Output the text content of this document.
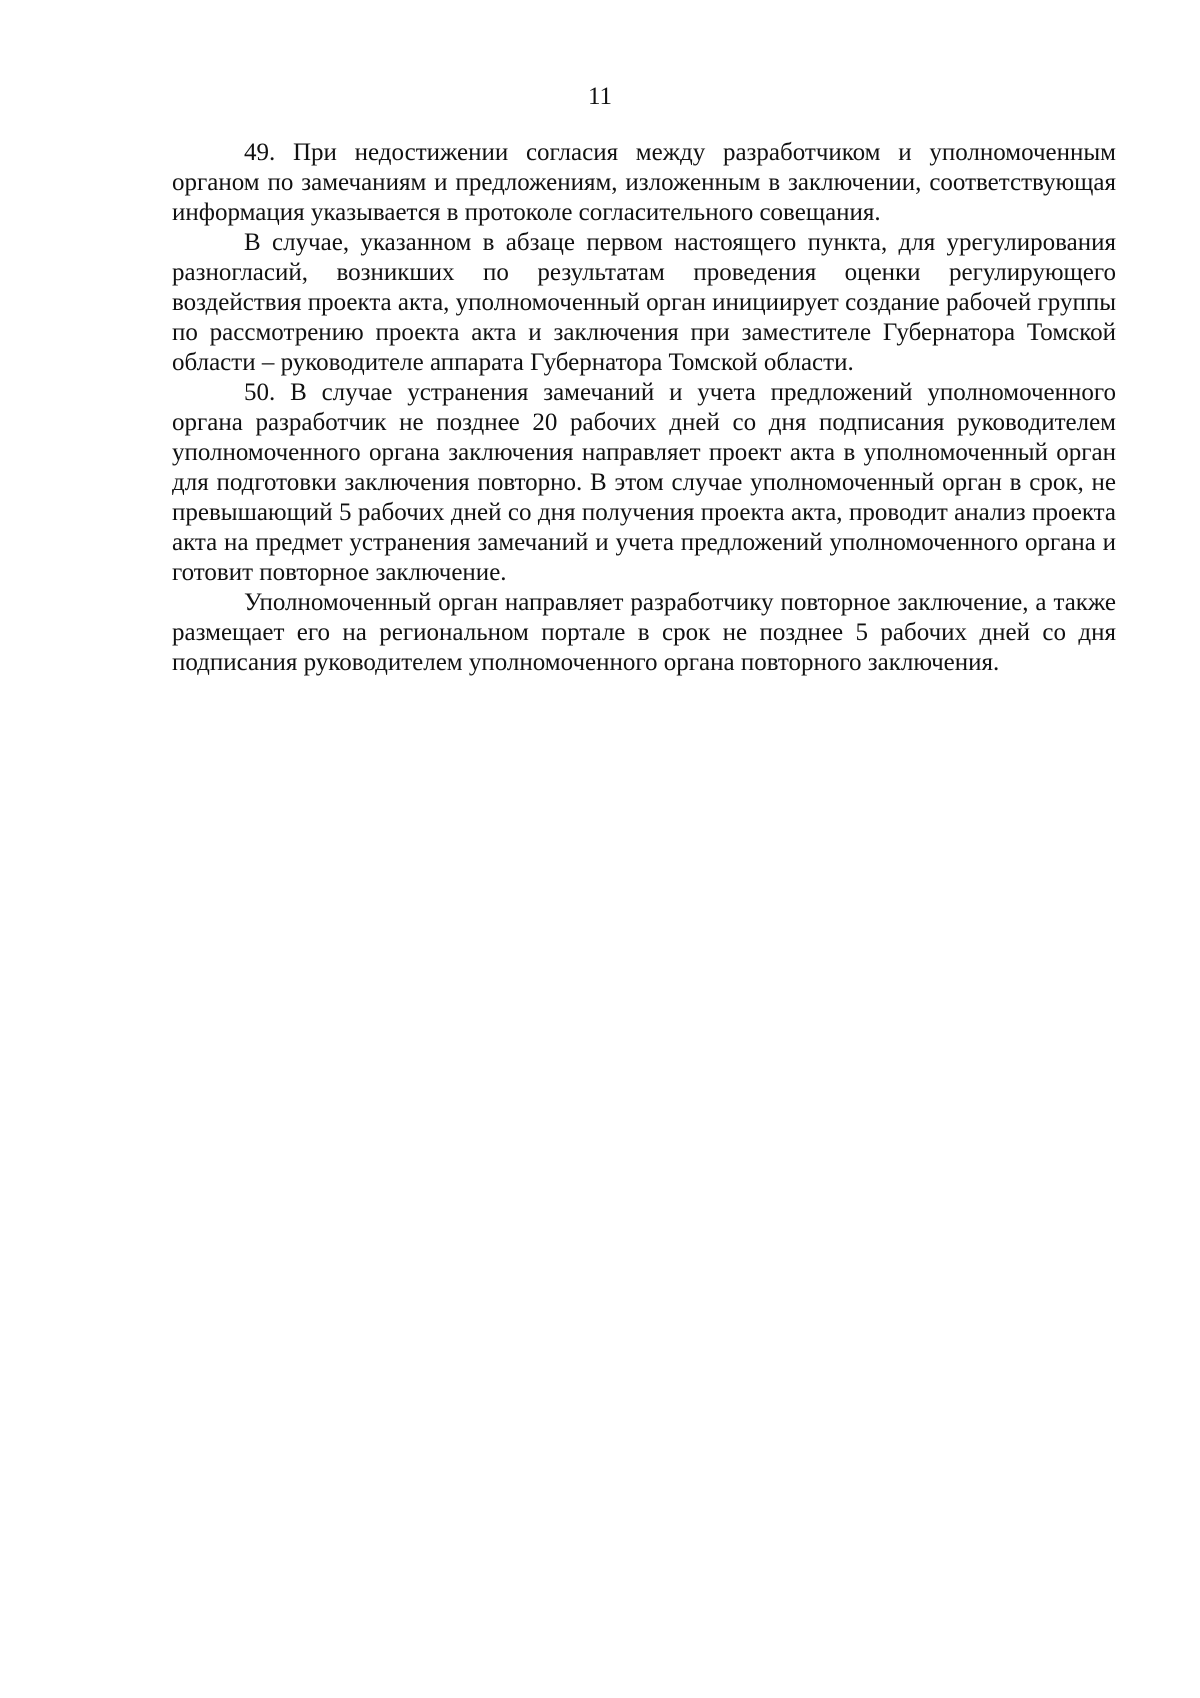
11

49. При недостижении согласия между разработчиком и уполномоченным органом по замечаниям и предложениям, изложенным в заключении, соответствующая информация указывается в протоколе согласительного совещания.

В случае, указанном в абзаце первом настоящего пункта, для урегулирования разногласий, возникших по результатам проведения оценки регулирующего воздействия проекта акта, уполномоченный орган инициирует создание рабочей группы по рассмотрению проекта акта и заключения при заместителе Губернатора Томской области – руководителе аппарата Губернатора Томской области.

50. В случае устранения замечаний и учета предложений уполномоченного органа разработчик не позднее 20 рабочих дней со дня подписания руководителем уполномоченного органа заключения направляет проект акта в уполномоченный орган для подготовки заключения повторно. В этом случае уполномоченный орган в срок, не превышающий 5 рабочих дней со дня получения проекта акта, проводит анализ проекта акта на предмет устранения замечаний и учета предложений уполномоченного органа и готовит повторное заключение.

Уполномоченный орган направляет разработчику повторное заключение, а также размещает его на региональном портале в срок не позднее 5 рабочих дней со дня подписания руководителем уполномоченного органа повторного заключения.
